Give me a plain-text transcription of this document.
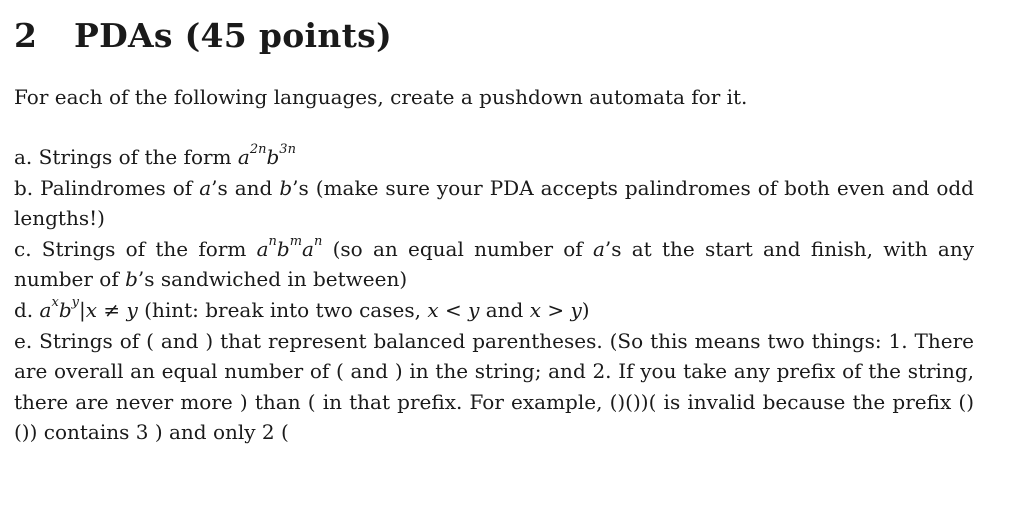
2 PDAs (45 points)

For each of the following languages, create a pushdown automata for it.

a. Strings of the form $a^{2n}b^{3n}$
b. Palindromes of a’s and b’s (make sure your PDA accepts palindromes of both even and odd lengths!)
c. Strings of the form $a^nb^ma^n$ (so an equal number of a’s at the start and finish, with any number of b’s sandwiched in between)
d. $a^xb^y|x \ne y$ (hint: break into two cases, x < y and x > y)
e. Strings of ( and ) that represent balanced parentheses. (So this means two things: 1. There are overall an equal number of ( and ) in the string; and 2. If you take any prefix of the string, there are never more ) than ( in that prefix. For example, ()())( is invalid because the prefix ()()) contains 3 ) and only 2 (
